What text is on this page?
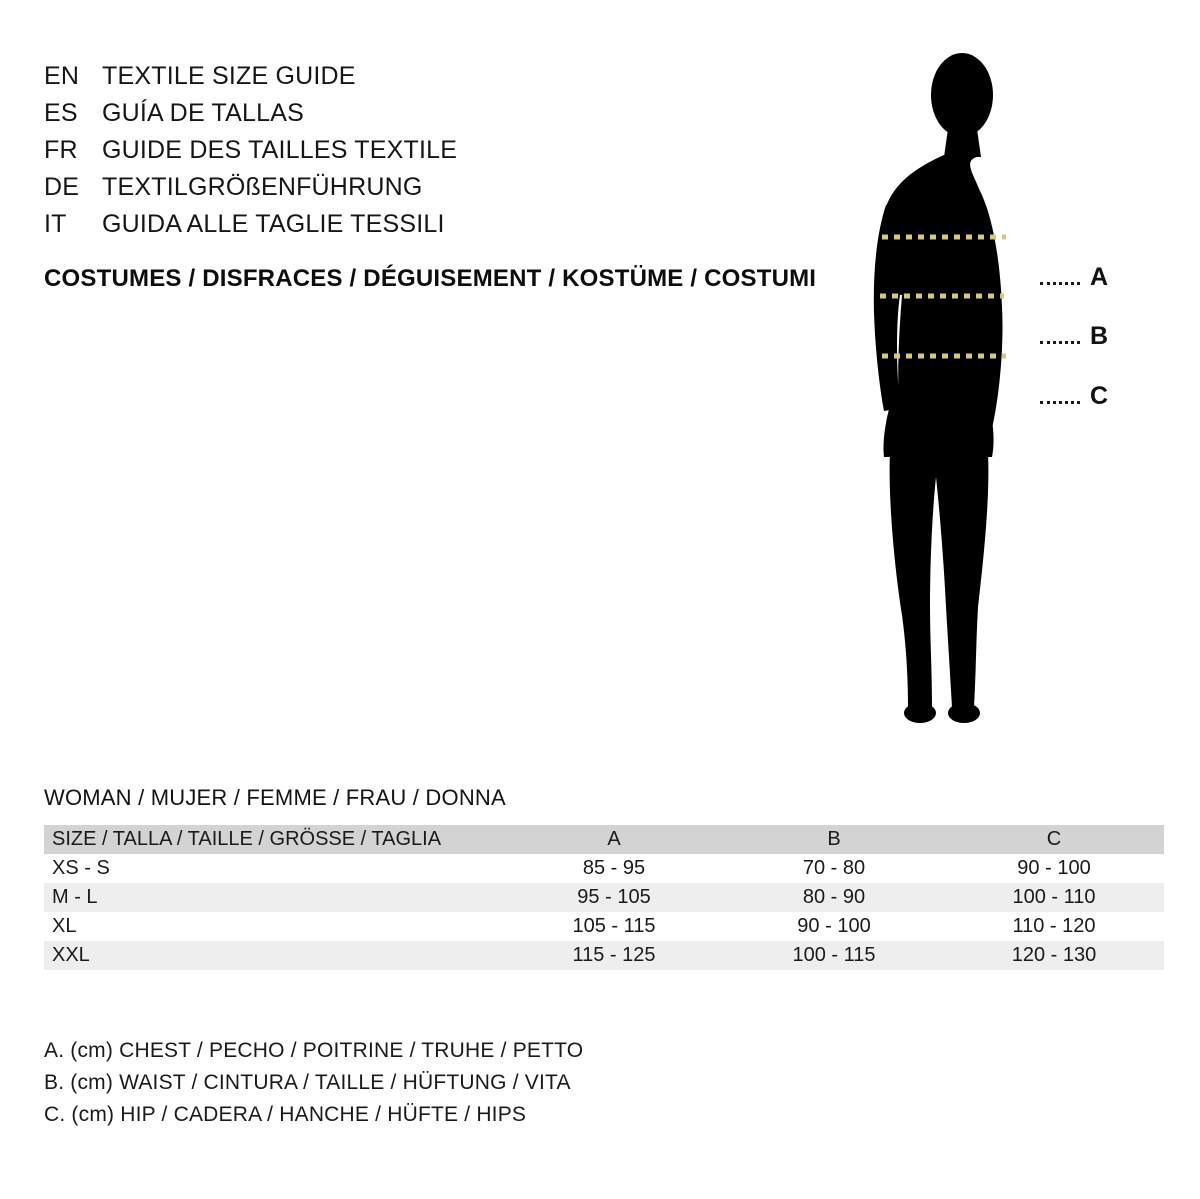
EN TEXTILE SIZE GUIDE
ES GUÍA DE TALLAS
FR GUIDE DES TAILLES TEXTILE
DE TEXTILGRÖßENFÜHRUNG
IT	GUIDA ALLE TAGLIE TESSILI
COSTUMES / DISFRACES / DÉGUISEMENT / KOSTÜME / COSTUMI	A
B
C
WOMAN / MUJER / FEMME / FRAU / DONNA
SIZE / TALLA / TAILLE / GRÖSSE / TAGLIA	A	B	C
XS - S	85 - 95	70 - 80	90 - 100
M - L	95 - 105	80 - 90	100 - 110
XL	105 - 115	90 - 100	110 - 120
XXL	115 - 125	100 - 115	120 - 130
A. (cm) CHEST / PECHO / POITRINE / TRUHE / PETTO
B. (cm) WAIST / CINTURA / TAILLE / HÜFTUNG / VITA
C. (cm) HIP / CADERA / HANCHE / HÜFTE / HIPS
